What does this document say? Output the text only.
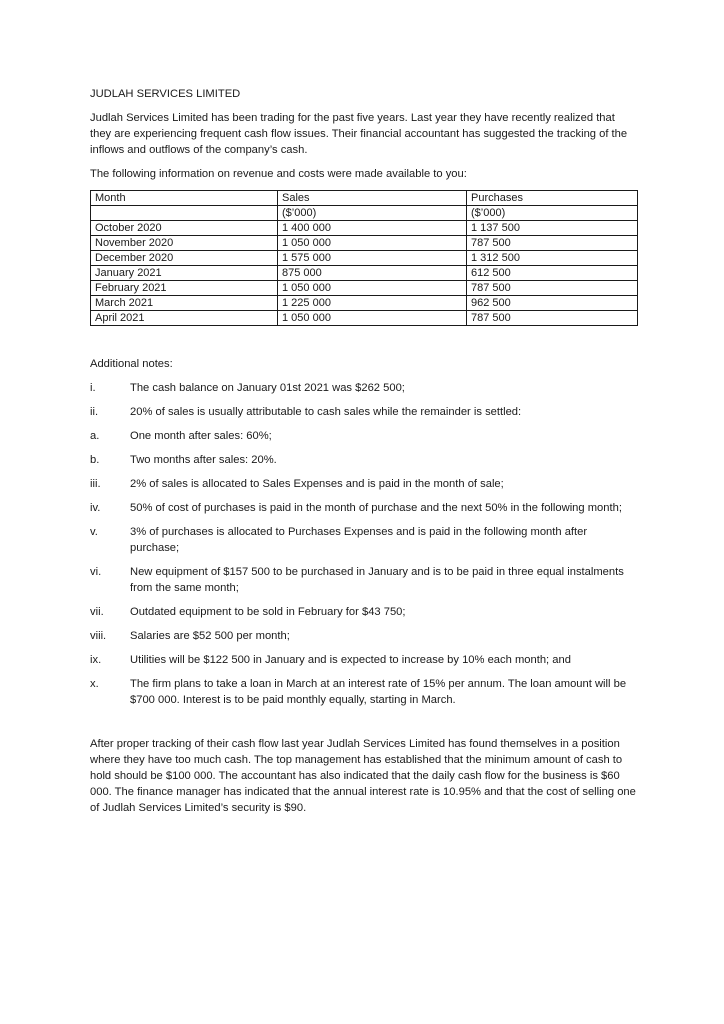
JUDLAH SERVICES LIMITED

Judlah Services Limited has been trading for the past five years. Last year they have recently realized that they are experiencing frequent cash flow issues. Their financial accountant has suggested the tracking of the inflows and outflows of the company’s cash.

The following information on revenue and costs were made available to you:

Month	Sales	Purchases
	($’000)	($’000)
October 2020	1 400 000	1 137 500
November 2020	1 050 000	787 500
December 2020	1 575 000	1 312 500
January 2021	875 000	612 500
February 2021	1 050 000	787 500
March 2021	1 225 000	962 500
April 2021	1 050 000	787 500
Additional notes:
i.	The cash balance on January 01st 2021 was $262 500;
ii.	20% of sales is usually attributable to cash sales while the remainder is settled:
a.	One month after sales: 60%;
b.	Two months after sales: 20%.
iii.	2% of sales is allocated to Sales Expenses and is paid in the month of sale;
iv.	50% of cost of purchases is paid in the month of purchase and the next 50% in the following month;
v.	3% of purchases is allocated to Purchases Expenses and is paid in the following month after purchase;
vi.	New equipment of $157 500 to be purchased in January and is to be paid in three equal instalments from the same month;
vii.	Outdated equipment to be sold in February for $43 750;
viii.	Salaries are $52 500 per month;
ix.	Utilities will be $122 500 in January and is expected to increase by 10% each month; and
x.	The firm plans to take a loan in March at an interest rate of 15% per annum. The loan amount will be $700 000. Interest is to be paid monthly equally, starting in March.

After proper tracking of their cash flow last year Judlah Services Limited has found themselves in a position where they have too much cash. The top management has established that the minimum amount of cash to hold should be $100 000. The accountant has also indicated that the daily cash flow for the business is $60 000. The finance manager has indicated that the annual interest rate is 10.95% and that the cost of selling one of Judlah Services Limited’s security is $90.
